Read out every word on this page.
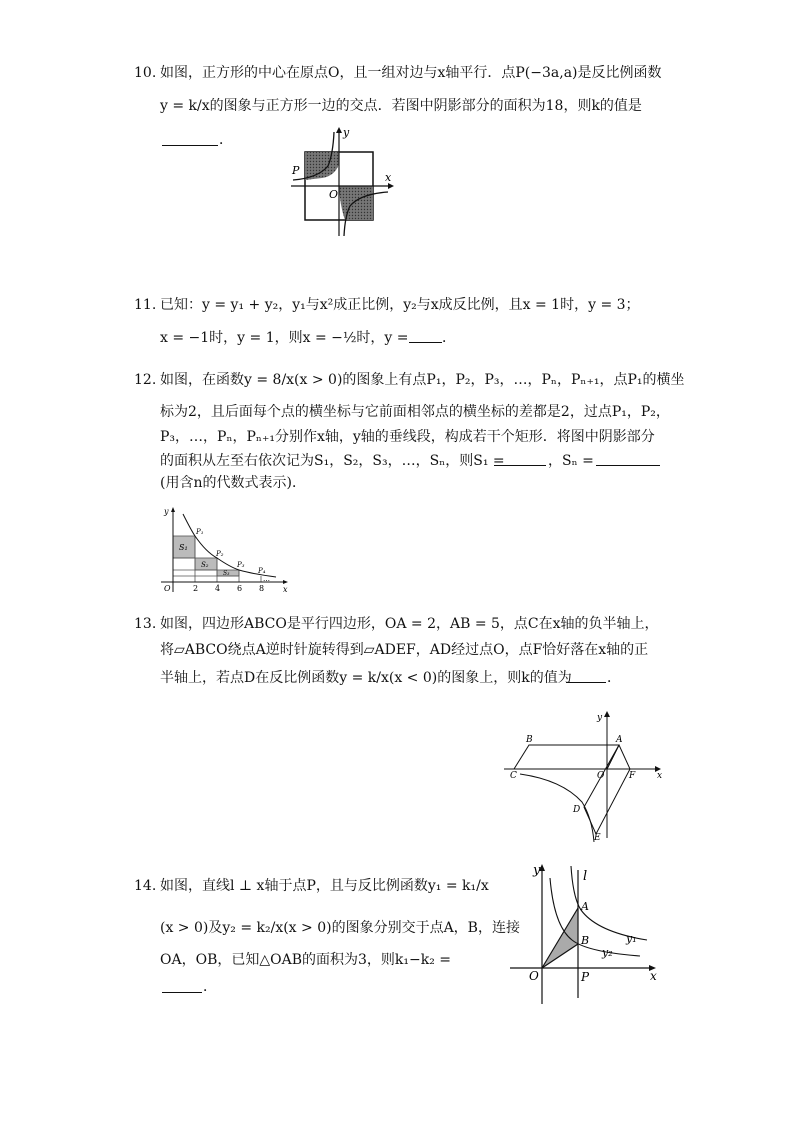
10. 如图，正方形的中心在原点O，且一组对边与x轴平行．点P(−3a,a)是反比例函数
y = k/x的图象与正方形一边的交点．若图中阴影部分的面积为18，则k的值是
．
P
O
x
y
11. 已知：y = y₁ + y₂，y₁与x²成正比例，y₂与x成反比例，且x = 1时，y = 3；
x = −1时，y = 1，则x = −½时，y = ．
12. 如图，在函数y = 8/x(x > 0)的图象上有点P₁，P₂，P₃，…，Pₙ，Pₙ₊₁，点P₁的横坐
标为2，且后面每个点的横坐标与它前面相邻点的横坐标的差都是2，过点P₁，P₂，
P₃，…，Pₙ，Pₙ₊₁分别作x轴，y轴的垂线段，构成若干个矩形．将图中阴影部分
的面积从左至右依次记为S₁，S₂，S₃，…，Sₙ，则S₁ =	，Sₙ =
(用含n的代数式表示)．
…
y
O	x
2 4 6 8
S₁
S₂
S₃
P₁
P₂
P₃
P₄
13. 如图，四边形ABCO是平行四边形，OA = 2，AB = 5，点C在x轴的负半轴上，
将▱ABCO绕点A逆时针旋转得到▱ADEF，AD经过点O，点F恰好落在x轴的正
半轴上，若点D在反比例函数y = k/x(x < 0)的图象上，则k的值为	．
y
x
A
B
C	O	F
D
E
14. 如图，直线l ⊥ x轴于点P，且与反比例函数y₁ = k₁/x
(x > 0)及y₂ = k₂/x(x > 0)的图象分别交于点A，B，连接
OA，OB，已知△OAB的面积为3，则k₁−k₂ =
．
y	l
A
B	y₁
y₂
O	P	x
